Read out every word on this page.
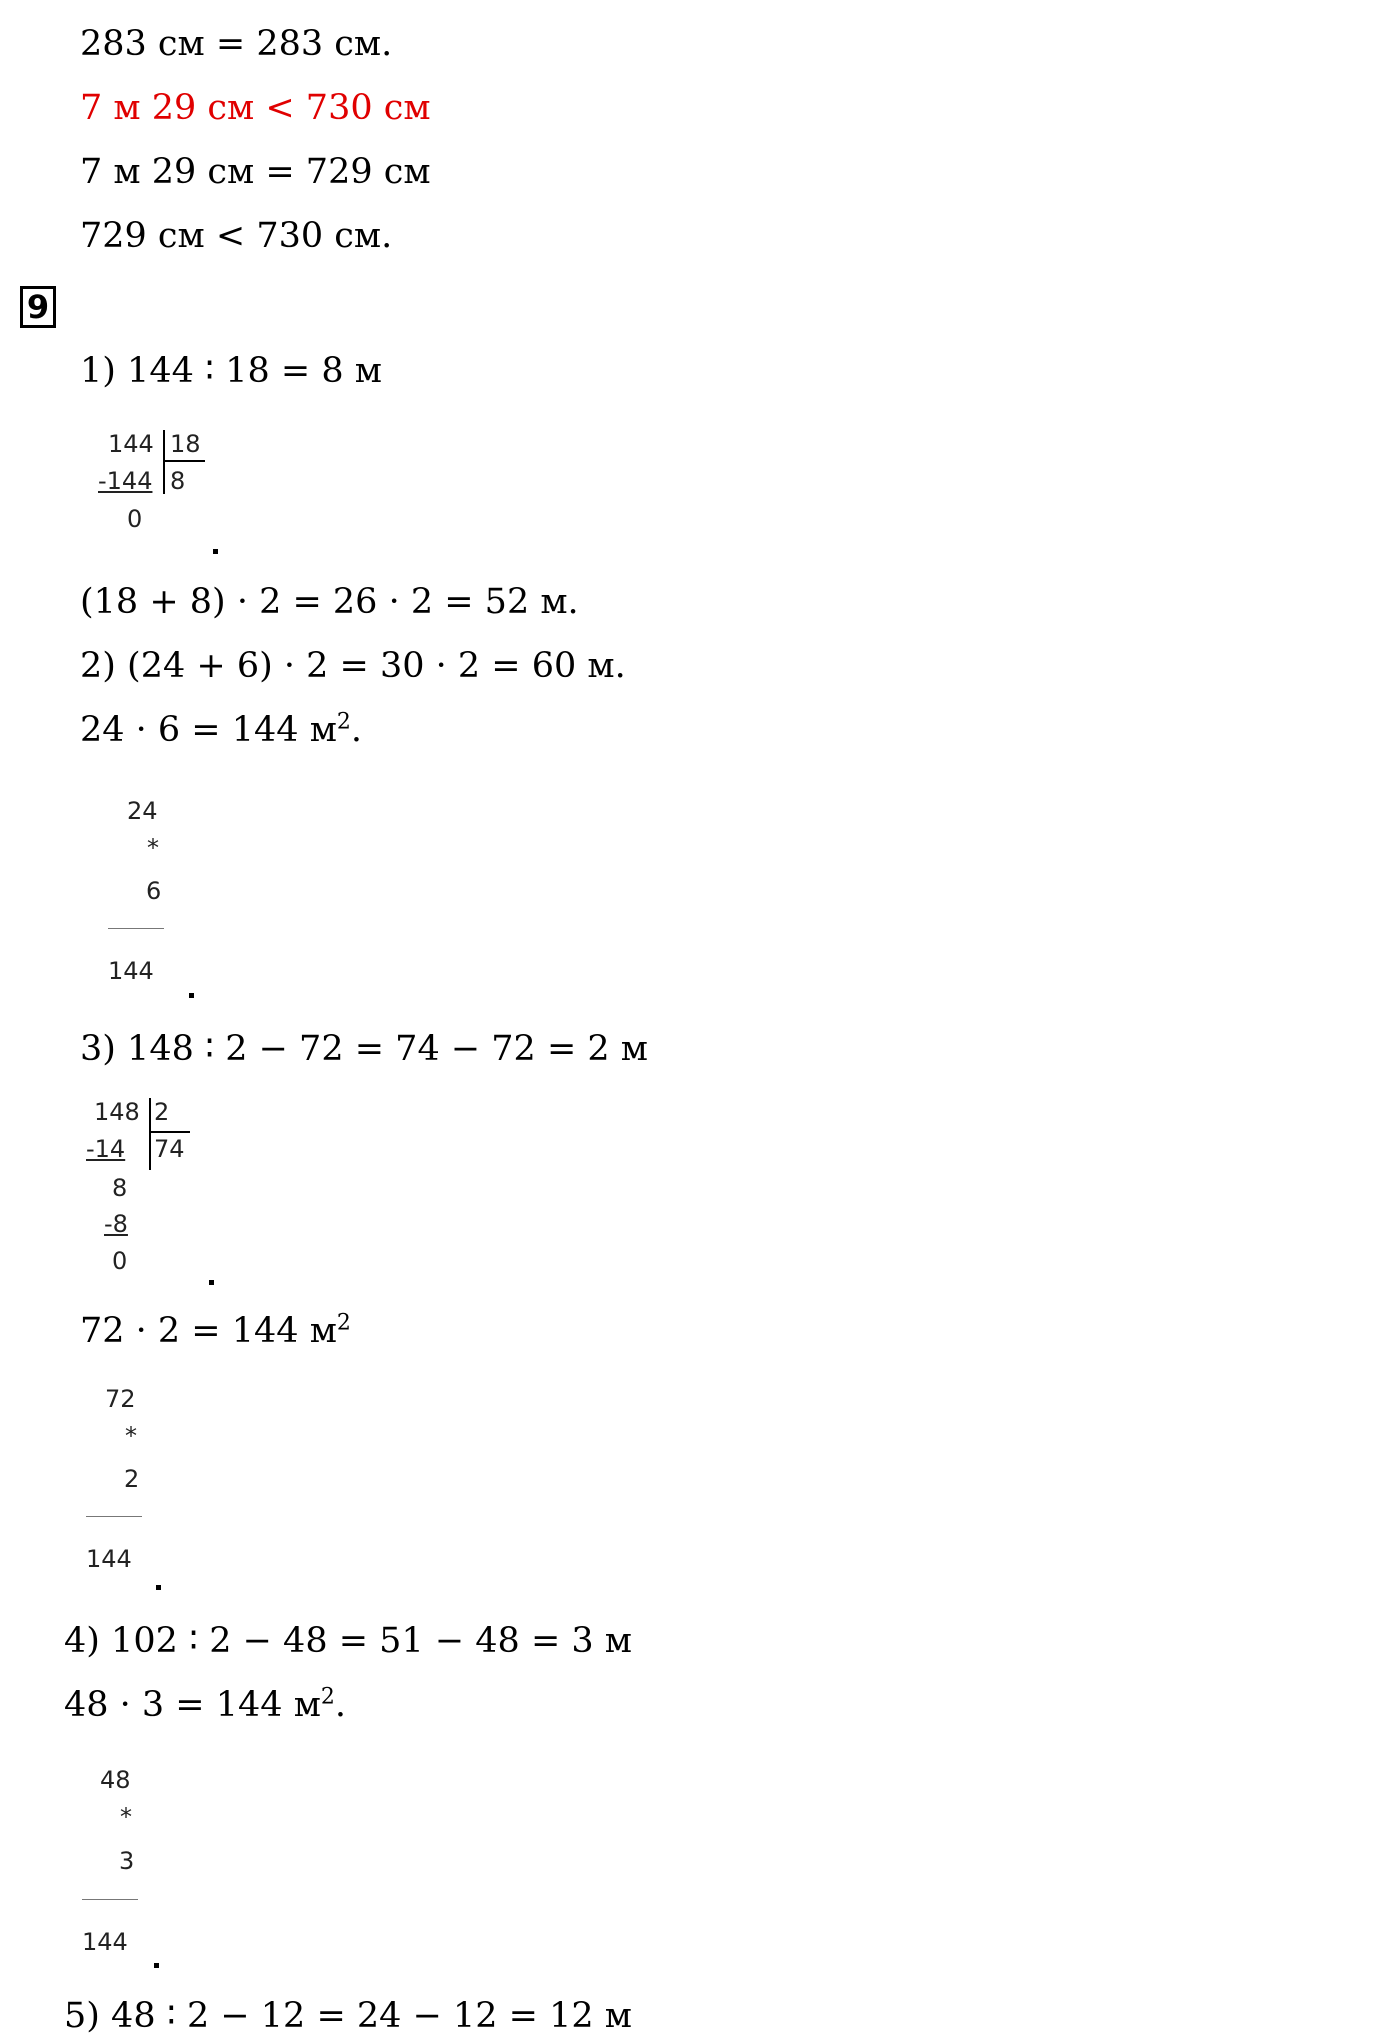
283 см = 283 см.
7 м 29 см < 730 см
7 м 29 см = 729 см
729 см < 730 см.
9
1) 144 ∶ 18 = 8 м
144 18
-144 8
0
(18 + 8) · 2 = 26 · 2 = 52 м.
2) (24 + 6) · 2 = 30 · 2 = 60 м.
24 · 6 = 144 $м^2$.
24
*
6
144
3) 148 ∶ 2 − 72 = 74 − 72 = 2 м
148 2
-14 74
8
-8
0
72 · 2 = 144 $м^2$
72
*
2
144
4) 102 ∶ 2 − 48 = 51 − 48 = 3 м
48 · 3 = 144 $м^2$.
48
*
3
144
5) 48 ∶ 2 − 12 = 24 − 12 = 12 м
